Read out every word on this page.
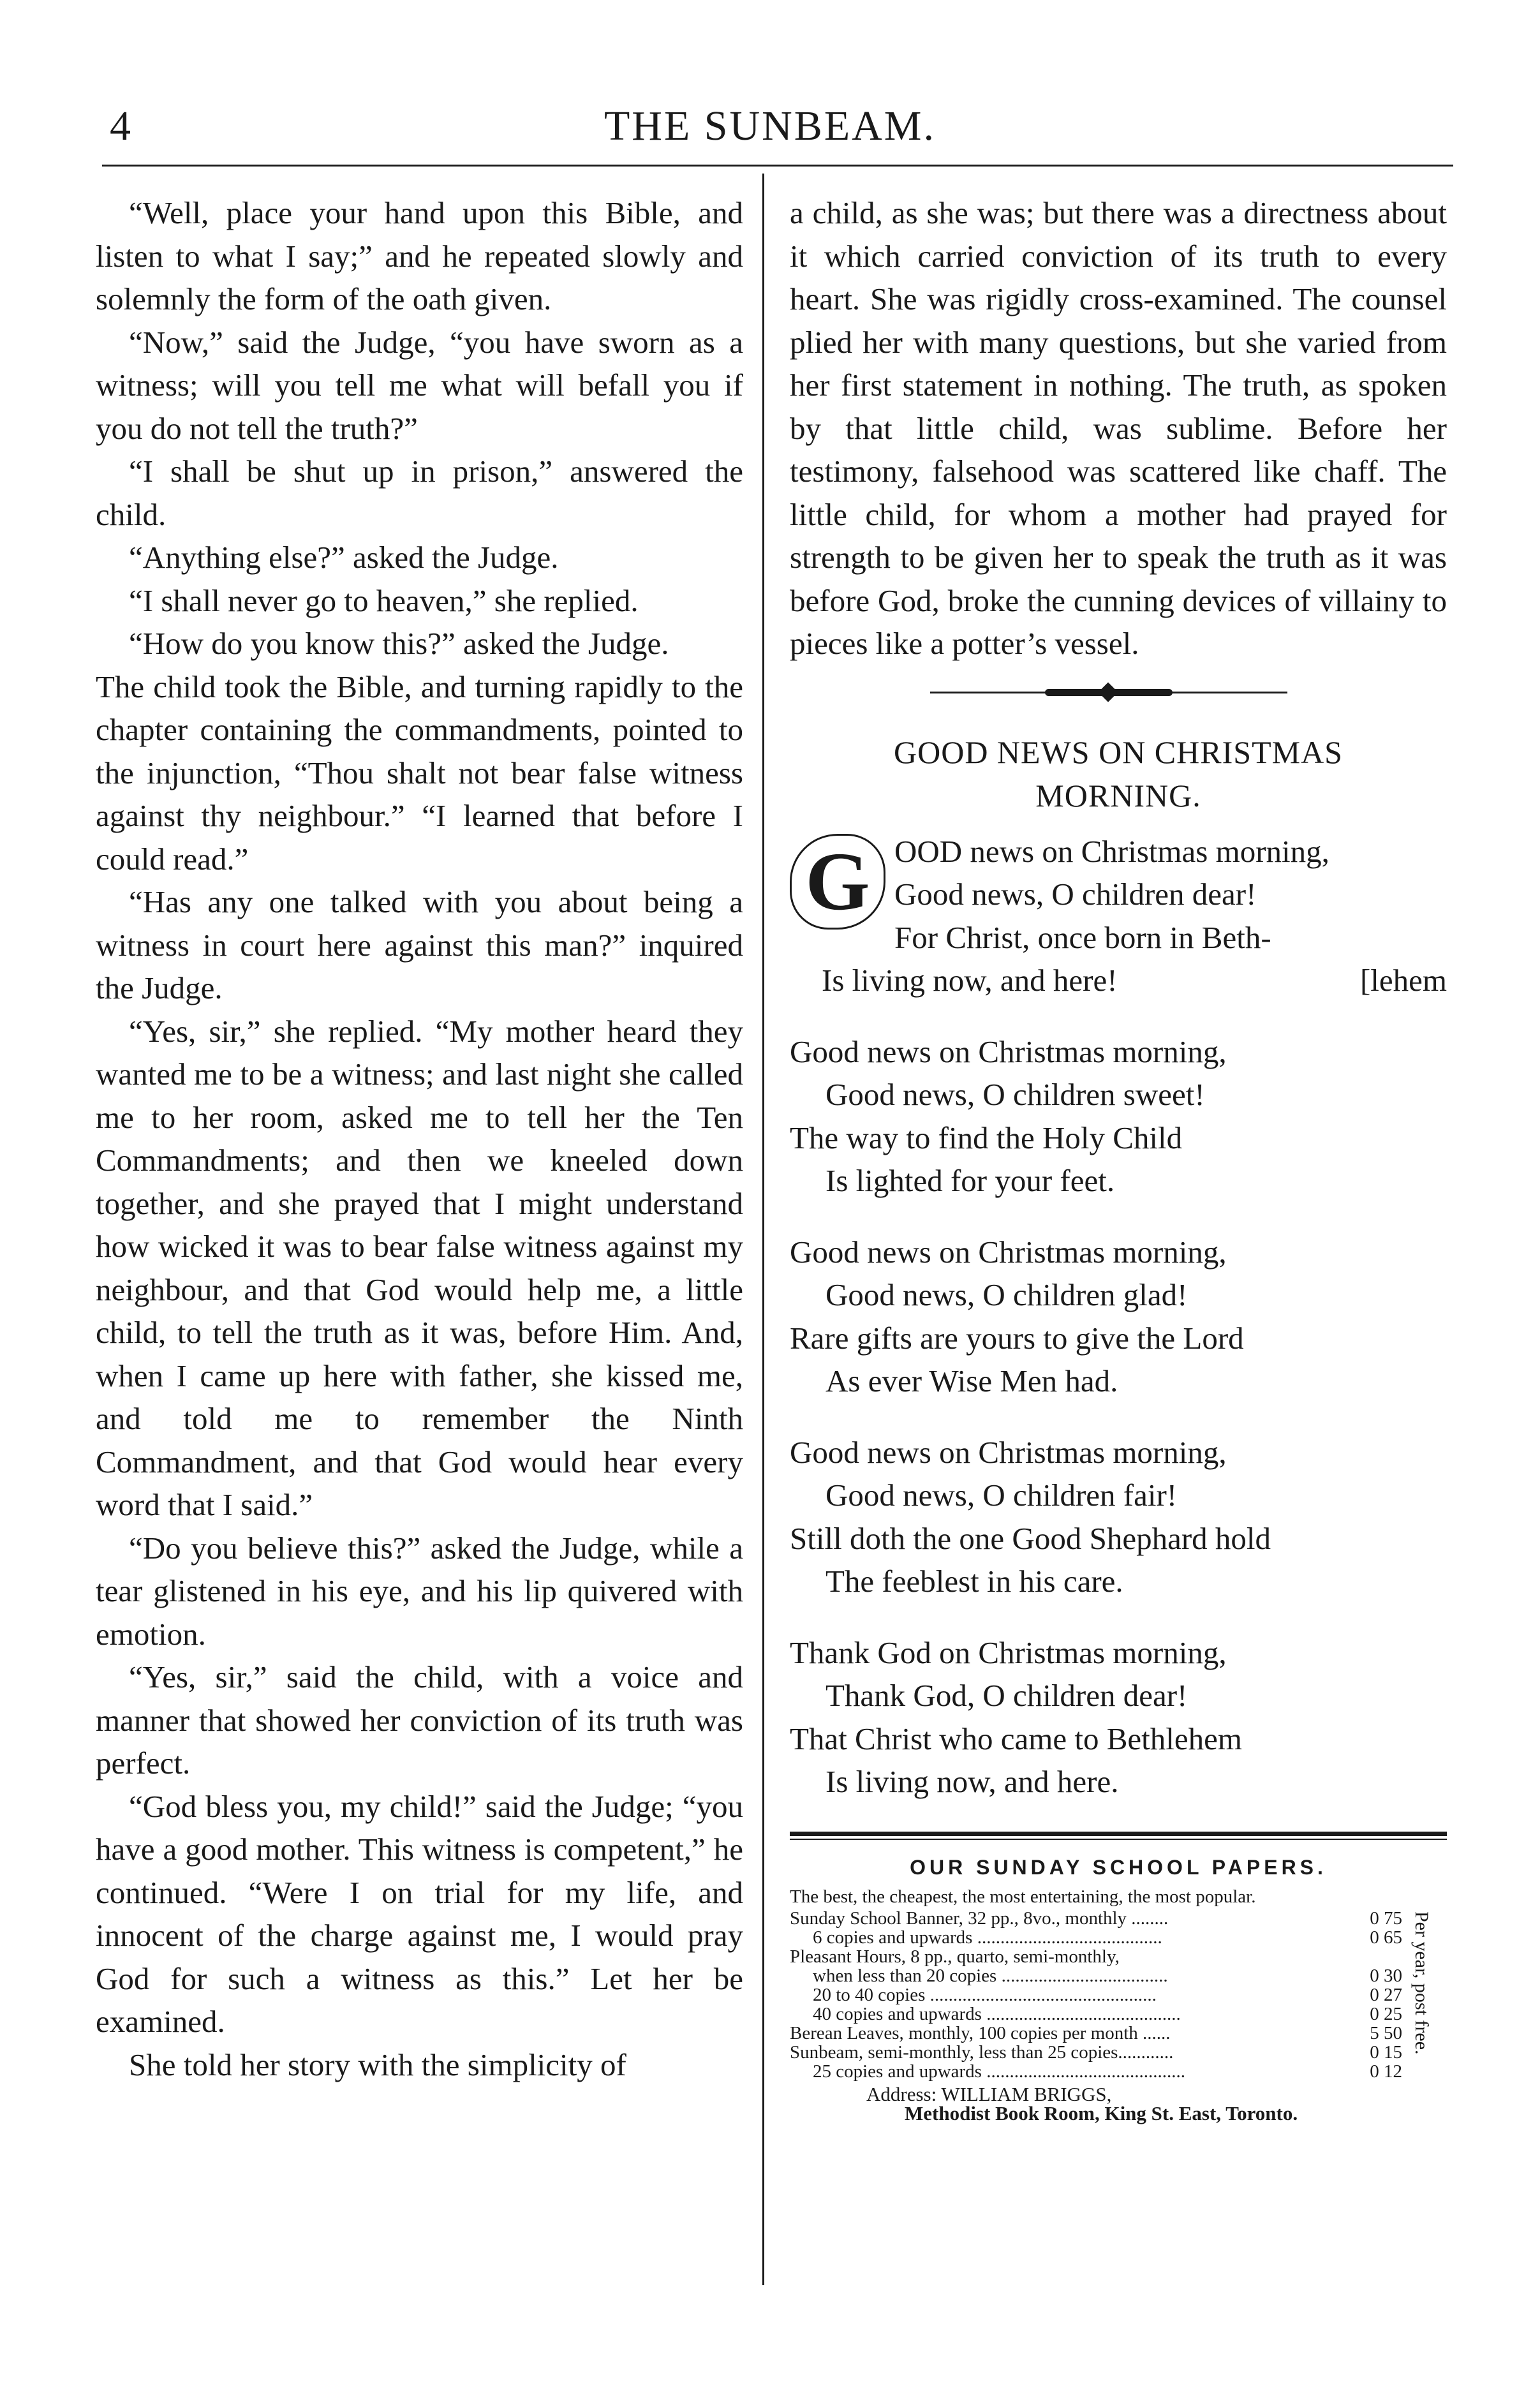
4	THE SUNBEAM.

“Well, place your hand upon this Bible, and listen to what I say;” and he repeated slowly and solemnly the form of the oath given.

“Now,” said the Judge, “you have sworn as a witness; will you tell me what will befall you if you do not tell the truth?”

“I shall be shut up in prison,” answered the child.

“Anything else?” asked the Judge.

“I shall never go to heaven,” she replied.

“How do you know this?” asked the Judge.

The child took the Bible, and turning rapidly to the chapter containing the commandments, pointed to the injunction, “Thou shalt not bear false witness against thy neighbour.” “I learned that before I could read.”

“Has any one talked with you about being a witness in court here against this man?” inquired the Judge.

“Yes, sir,” she replied. “My mother heard they wanted me to be a witness; and last night she called me to her room, asked me to tell her the Ten Commandments; and then we kneeled down together, and she prayed that I might understand how wicked it was to bear false witness against my neighbour, and that God would help me, a little child, to tell the truth as it was, before Him. And, when I came up here with father, she kissed me, and told me to remember the Ninth Commandment, and that God would hear every word that I said.”

“Do you believe this?” asked the Judge, while a tear glistened in his eye, and his lip quivered with emotion.

“Yes, sir,” said the child, with a voice and manner that showed her conviction of its truth was perfect.

“God bless you, my child!” said the Judge; “you have a good mother. This witness is competent,” he continued. “Were I on trial for my life, and innocent of the charge against me, I would pray God for such a witness as this.” Let her be examined.

She told her story with the simplicity of

a child, as she was; but there was a directness about it which carried conviction of its truth to every heart. She was rigidly cross-examined. The counsel plied her with many questions, but she varied from her first statement in nothing. The truth, as spoken by that little child, was sublime. Before her testimony, falsehood was scattered like chaff. The little child, for whom a mother had prayed for strength to be given her to speak the truth as it was before God, broke the cunning devices of villainy to pieces like a potter’s vessel.

GOOD NEWS ON CHRISTMAS
MORNING.
G OOD news on Christmas morning,
Good news, O children dear!
For Christ, once born in Beth-
Is living now, and here!	[lehem
Good news on Christmas morning,
Good news, O children sweet!
The way to find the Holy Child
Is lighted for your feet.
Good news on Christmas morning,
Good news, O children glad!
Rare gifts are yours to give the Lord
As ever Wise Men had.
Good news on Christmas morning,
Good news, O children fair!
Still doth the one Good Shephard hold
The feeblest in his care.
Thank God on Christmas morning,
Thank God, O children dear!
That Christ who came to Bethlehem
Is living now, and here.
OUR SUNDAY SCHOOL PAPERS.
The best, the cheapest, the most entertaining, the most popular.
Sunday School Banner, 32 pp., 8vo., monthly ........	0 75
6 copies and upwards ........................................	0 65
Pleasant Hours, 8 pp., quarto, semi-monthly,
when less than 20 copies ....................................	0 30
20 to 40 copies .................................................	0 27
40 copies and upwards ..........................................	0 25
Berean Leaves, monthly, 100 copies per month ......	5 50
Sunbeam, semi-monthly, less than 25 copies............	0 15
25 copies and upwards ...........................................	0 12
Per year, post free.
Address: WILLIAM BRIGGS,
Methodist Book Room, King St. East, Toronto.
